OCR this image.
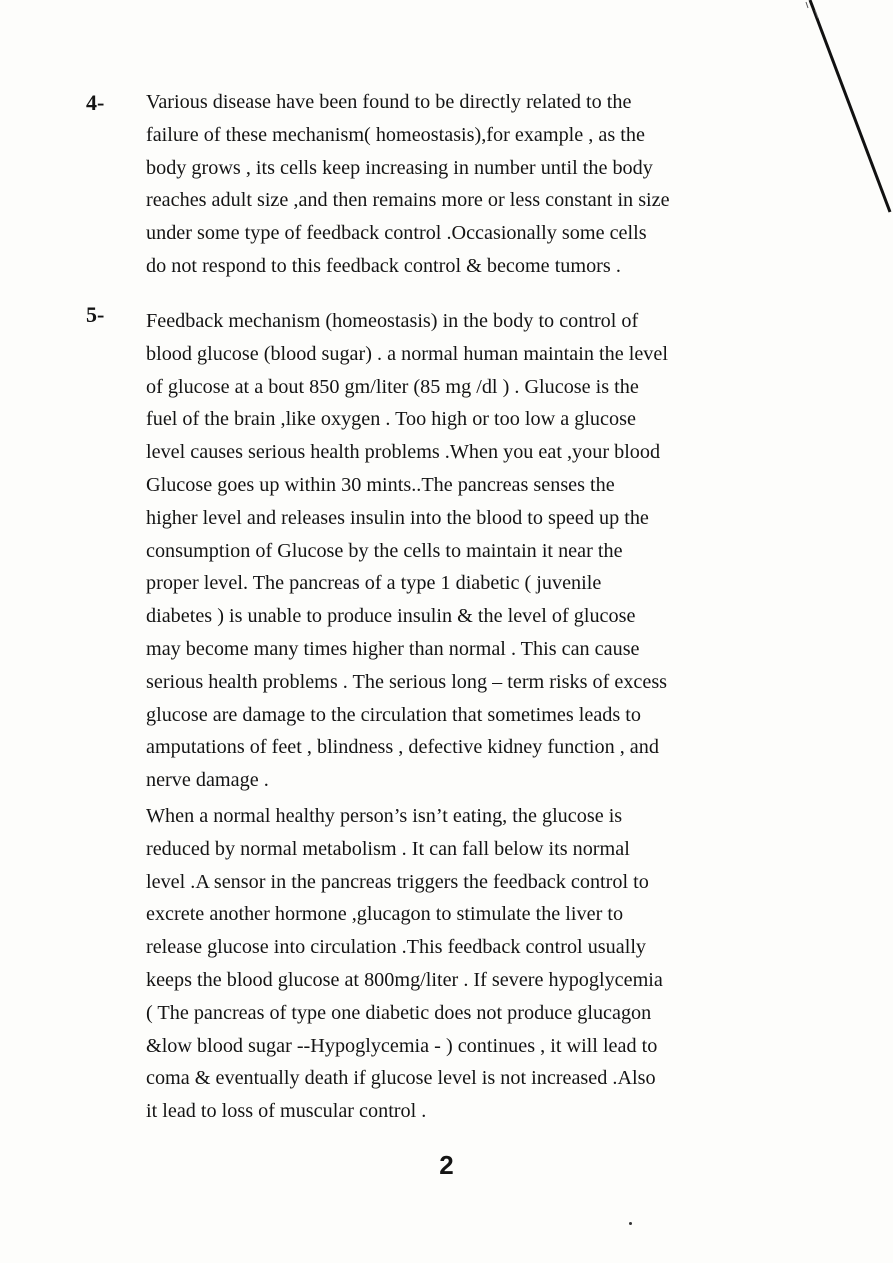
4- Various disease have been found to be directly related to the
failure of these mechanism( homeostasis),for example , as the
body grows , its cells keep increasing in number until the body
reaches adult size ,and then remains more or less constant in size
under some type of feedback control .Occasionally some cells
do not respond to this feedback control & become tumors .

5- Feedback mechanism (homeostasis) in the body to control of
blood glucose (blood sugar) . a normal human maintain the level
of glucose at a bout 850 gm/liter (85 mg /dl ) . Glucose is the
fuel of the brain ,like oxygen . Too high or too low a glucose
level causes serious health problems .When you eat ,your blood
Glucose goes up within 30 mints..The pancreas senses the
higher level and releases insulin into the blood to speed up the
consumption of Glucose by the cells to maintain it near the
proper level. The pancreas of a type 1 diabetic ( juvenile
diabetes ) is unable to produce insulin & the level of glucose
may become many times higher than normal . This can cause
serious health problems . The serious long – term risks of excess
glucose are damage to the circulation that sometimes leads to
amputations of feet , blindness , defective kidney function , and
nerve damage .

When a normal healthy person’s isn’t eating, the glucose is
reduced by normal metabolism . It can fall below its normal
level .A sensor in the pancreas triggers the feedback control to
excrete another hormone ,glucagon to stimulate the liver to
release glucose into circulation .This feedback control usually
keeps the blood glucose at 800mg/liter . If severe hypoglycemia
( The pancreas of type one diabetic does not produce glucagon
&low blood sugar --Hypoglycemia - ) continues , it will lead to
coma & eventually death if glucose level is not increased .Also
it lead to loss of muscular control .

2
